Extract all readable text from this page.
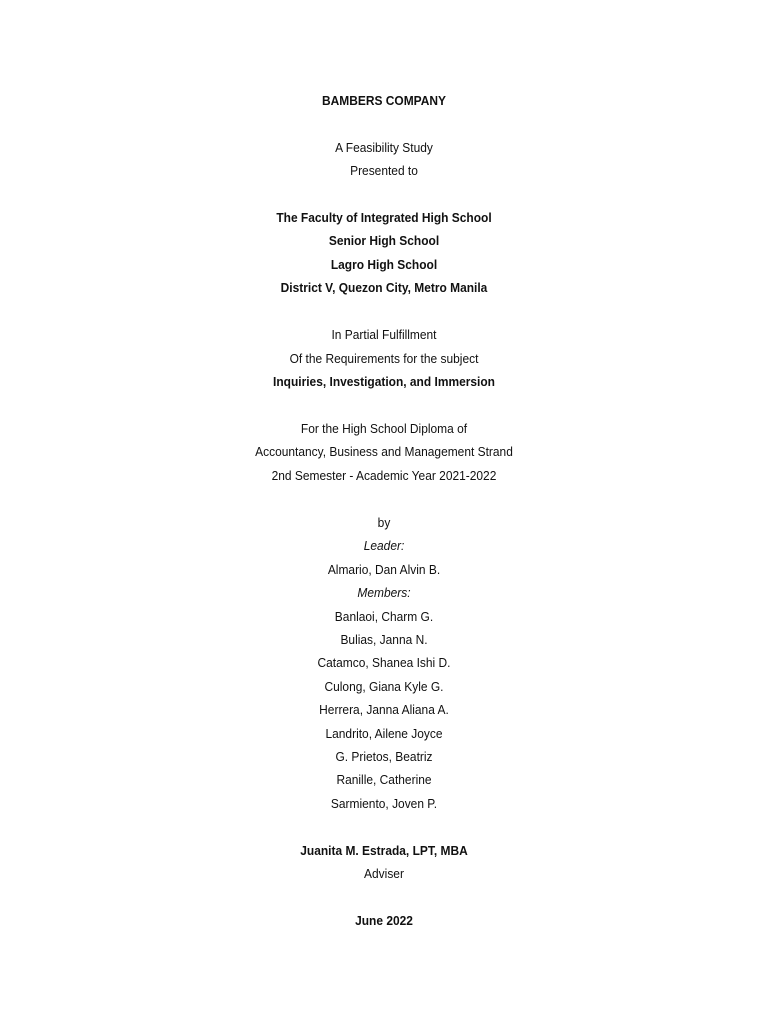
BAMBERS COMPANY
A Feasibility Study
Presented to
The Faculty of Integrated High School
Senior High School
Lagro High School
District V, Quezon City, Metro Manila
In Partial Fulfillment
Of the Requirements for the subject
Inquiries, Investigation, and Immersion
For the High School Diploma of
Accountancy, Business and Management Strand
2nd Semester - Academic Year 2021-2022
by
Leader:
Almario, Dan Alvin B.
Members:
Banlaoi, Charm G.
Bulias, Janna N.
Catamco, Shanea Ishi D.
Culong, Giana Kyle G.
Herrera, Janna Aliana A.
Landrito, Ailene Joyce
G. Prietos, Beatriz
Ranille, Catherine
Sarmiento, Joven P.
Juanita M. Estrada, LPT, MBA
Adviser
June 2022
